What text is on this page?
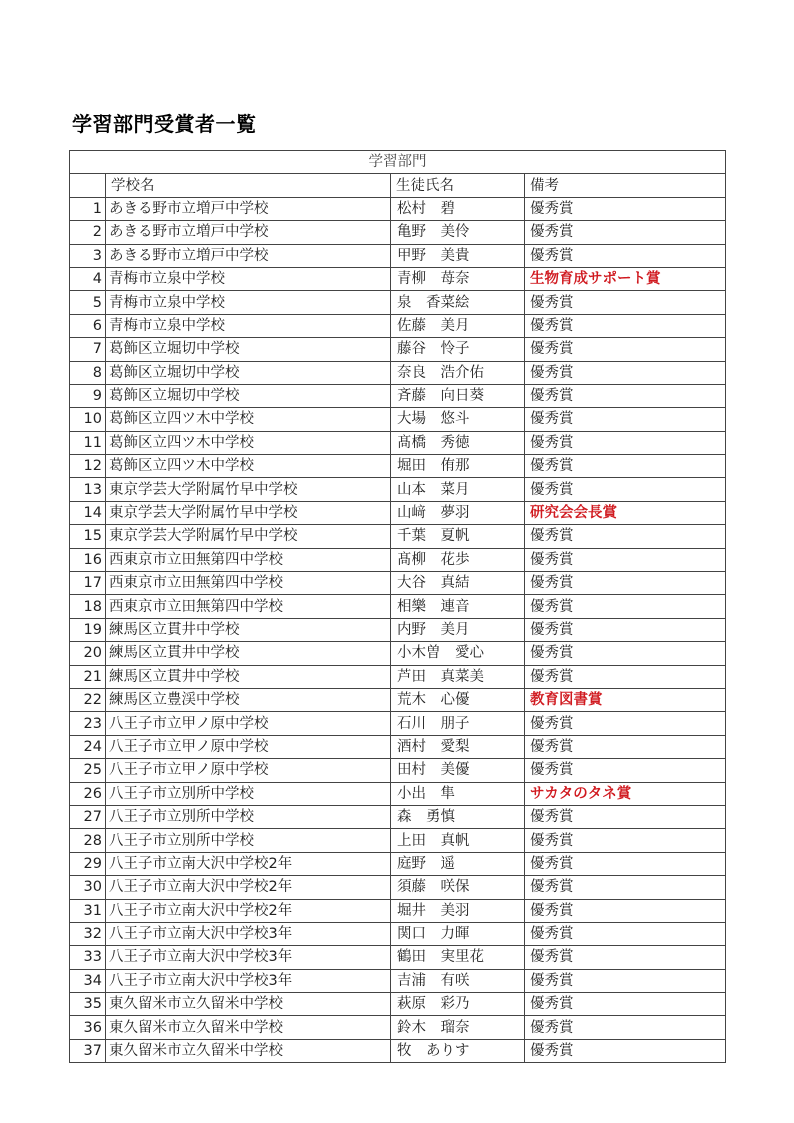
学習部門受賞者一覧
学習部門			
	学校名	生徒氏名	備考
1	あきる野市立増戸中学校	松村　碧	優秀賞
2	あきる野市立増戸中学校	亀野　美伶	優秀賞
3	あきる野市立増戸中学校	甲野　美貴	優秀賞
4	青梅市立泉中学校	青柳　苺奈	生物育成サポート賞
5	青梅市立泉中学校	泉　香菜絵	優秀賞
6	青梅市立泉中学校	佐藤　美月	優秀賞
7	葛飾区立堀切中学校	藤谷　怜子	優秀賞
8	葛飾区立堀切中学校	奈良　浩介佑	優秀賞
9	葛飾区立堀切中学校	斉藤　向日葵	優秀賞
10	葛飾区立四ツ木中学校	大場　悠斗	優秀賞
11	葛飾区立四ツ木中学校	髙橋　秀徳	優秀賞
12	葛飾区立四ツ木中学校	堀田　侑那	優秀賞
13	東京学芸大学附属竹早中学校	山本　菜月	優秀賞
14	東京学芸大学附属竹早中学校	山﨑　夢羽	研究会会長賞
15	東京学芸大学附属竹早中学校	千葉　夏帆	優秀賞
16	西東京市立田無第四中学校	髙柳　花歩	優秀賞
17	西東京市立田無第四中学校	大谷　真結	優秀賞
18	西東京市立田無第四中学校	相樂　連音	優秀賞
19	練馬区立貫井中学校	内野　美月	優秀賞
20	練馬区立貫井中学校	小木曽　愛心	優秀賞
21	練馬区立貫井中学校	芦田　真菜美	優秀賞
22	練馬区立豊渓中学校	荒木　心優	教育図書賞
23	八王子市立甲ノ原中学校	石川　朋子	優秀賞
24	八王子市立甲ノ原中学校	酒村　愛梨	優秀賞
25	八王子市立甲ノ原中学校	田村　美優	優秀賞
26	八王子市立別所中学校	小出　隼	サカタのタネ賞
27	八王子市立別所中学校	森　勇慎	優秀賞
28	八王子市立別所中学校	上田　真帆	優秀賞
29	八王子市立南大沢中学校2年	庭野　遥	優秀賞
30	八王子市立南大沢中学校2年	須藤　咲保	優秀賞
31	八王子市立南大沢中学校2年	堀井　美羽	優秀賞
32	八王子市立南大沢中学校3年	関口　力暉	優秀賞
33	八王子市立南大沢中学校3年	鶴田　実里花	優秀賞
34	八王子市立南大沢中学校3年	吉浦　有咲	優秀賞
35	東久留米市立久留米中学校	萩原　彩乃	優秀賞
36	東久留米市立久留米中学校	鈴木　瑠奈	優秀賞
37	東久留米市立久留米中学校	牧　ありす	優秀賞
